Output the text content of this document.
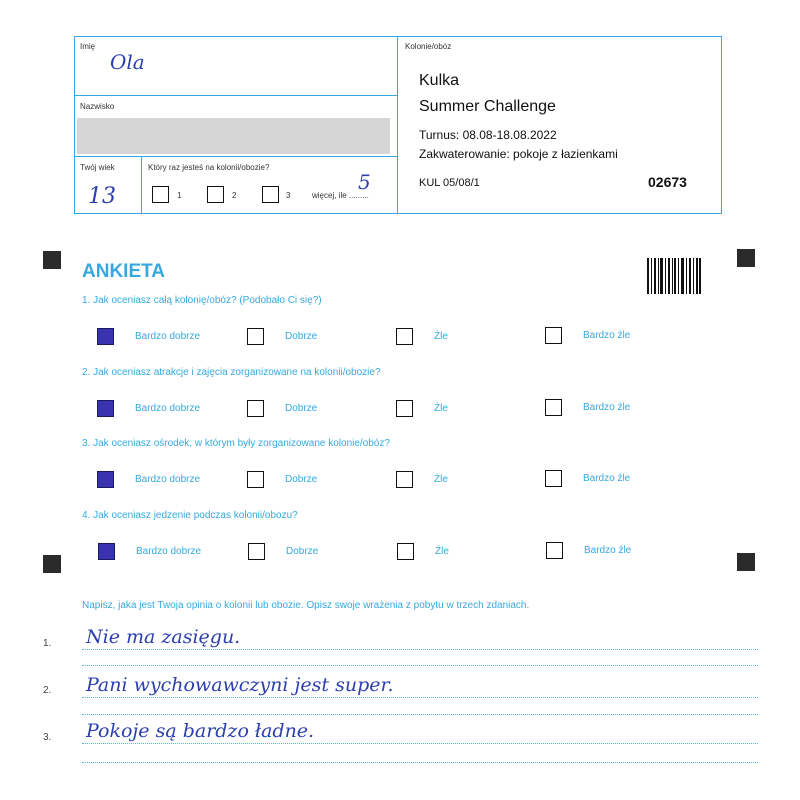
Imię
Ola
Nazwisko
Twój wiek
13
Który raz jesteś na kolonii/obozie?
1	2	3	więcej, ile .........
5
Kolonie/obóz
Kulka
Summer Challenge
Turnus: 08.08-18.08.2022
Zakwaterowanie: pokoje z łazienkami
KUL 05/08/1	02673
ANKIETA
1. Jak oceniasz całą kolonię/obóz? (Podobało Ci się?)
2. Jak oceniasz atrakcje i zajęcia zorganizowane na kolonii/obozie?
3. Jak oceniasz ośrodek, w którym były zorganizowane kolonie/obóz?
4. Jak oceniasz jedzenie podczas kolonii/obozu?
Bardzo dobrze	Dobrze	Źle	Bardzo źle
Bardzo dobrze	Dobrze	Źle	Bardzo źle
Bardzo dobrze	Dobrze	Źle	Bardzo źle
Bardzo dobrze	Dobrze	Źle	Bardzo źle
Napisz, jaka jest Twoja opinia o kolonii lub obozie. Opisz swoje wrażenia z pobytu w trzech zdaniach.
1. Nie ma zasięgu.
2. Pani wychowawczyni jest super.
3. Pokoje są bardzo ładne.
